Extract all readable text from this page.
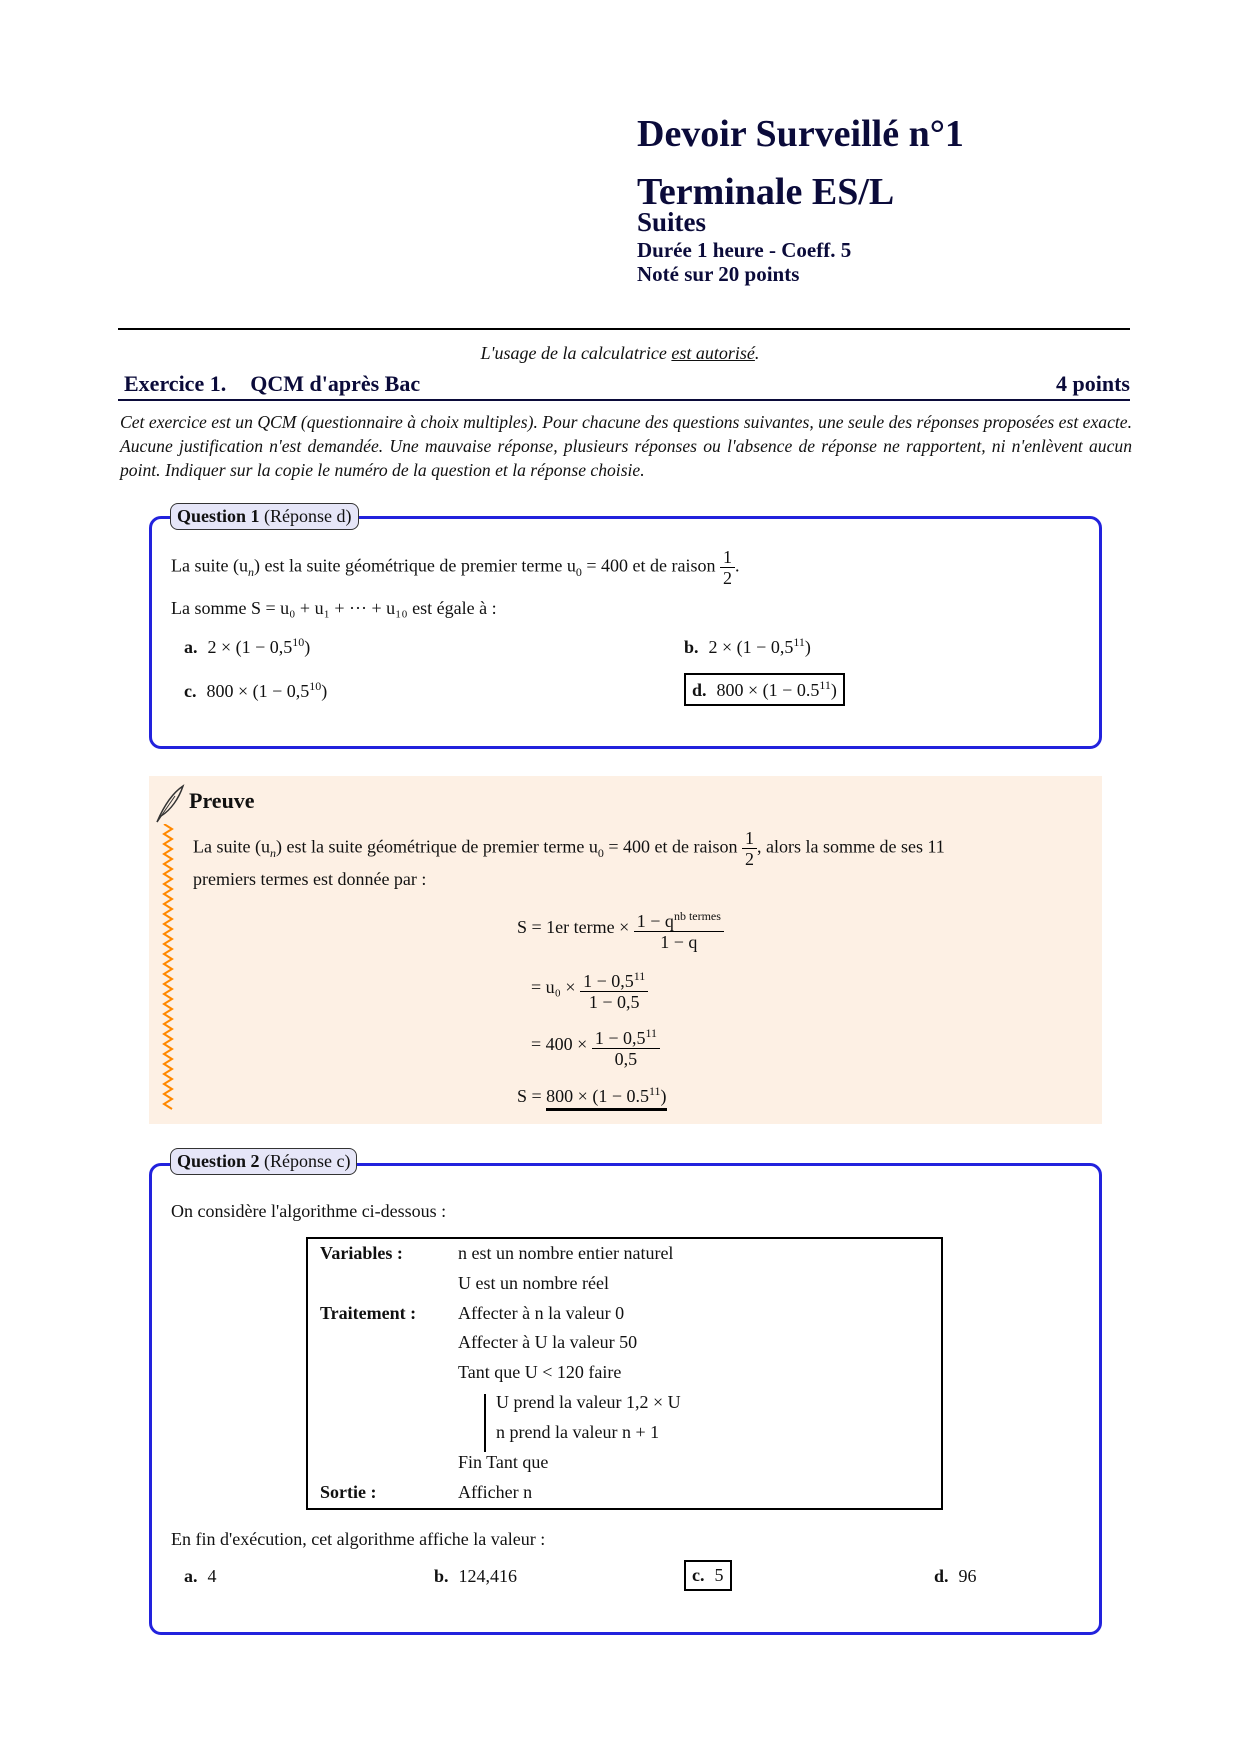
Devoir Surveillé n°1
Terminale ES/L
Suites
Durée 1 heure - Coeff. 5
Noté sur 20 points
L'usage de la calculatrice est autorisé.
Exercice 1. QCM d'après Bac	4 points
Cet exercice est un QCM (questionnaire à choix multiples). Pour chacune des questions suivantes, une seule des réponses proposées est exacte. Aucune justification n'est demandée. Une mauvaise réponse, plusieurs réponses ou l'absence de réponse ne rapportent, ni n'enlèvent aucun point. Indiquer sur la copie le numéro de la question et la réponse choisie.
Question 1 (Réponse d)
La suite $(u_n)$ est la suite géométrique de premier terme $u_0 = 400$ et de raison $\frac{1}{2}$ .
La somme S = u₀ + u₁ + ··· + u₁₀ est égale à :
a. $2 \times (1 - 0,5^{10})$	b. $2 \times (1 - 0,5^{11})$
c. $800 \times (1 - 0,5^{10})$	d. $800 \times (1 - 0.5^{11})$
Preuve
La suite $(u_n)$ est la suite géométrique de premier terme $u_0 = 400$ et de raison $\frac{1}{2}$ , alors la somme de ses 11
premiers termes est donnée par :
S = 1er terme × $\frac{1 - q^{nb termes}}{1 - q}$
= $u_0 \times \frac{1 - 0,5^{11}}{1 - 0,5}$
= $400 \times \frac{1 - 0,5^{11}}{0,5}$
$S = 800 \times (1 - 0.5^{11})$
Question 2 (Réponse c)
On considère l'algorithme ci-dessous :
En fin d'exécution, cet algorithme affiche la valeur :
a. 4	b. 124,416	c. 5	d. 96
Variables :	n est un nombre entier naturel
U est un nombre réel
Traitement : Affecter à n la valeur 0
Affecter à U la valeur 50
Tant que U < 120 faire
U prend la valeur 1,2 × U
n prend la valeur n + 1
Fin Tant que
Sortie :	Afficher n
